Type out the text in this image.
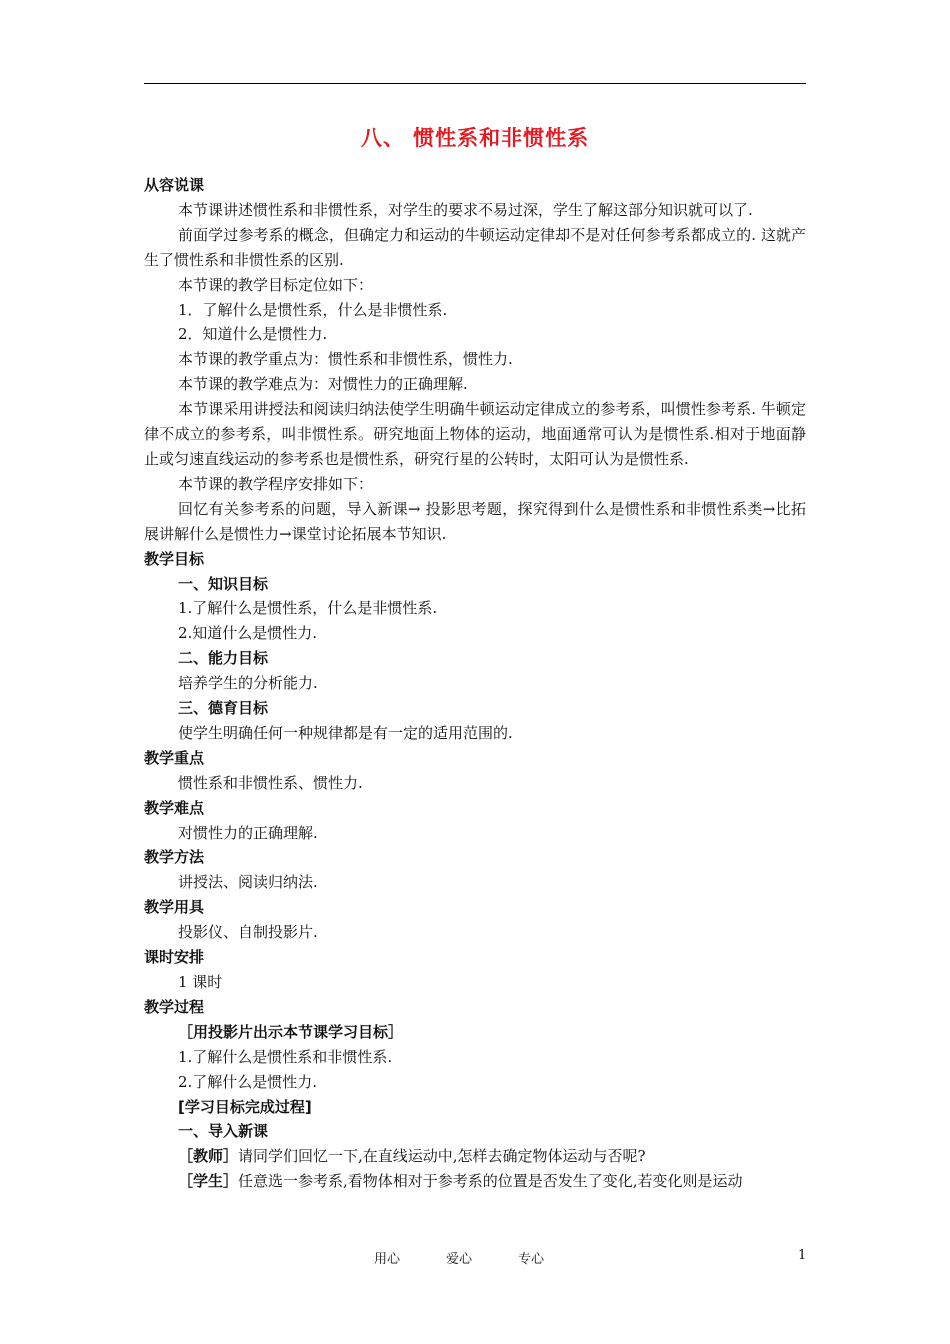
八、 惯性系和非惯性系

从容说课

本节课讲述惯性系和非惯性系，对学生的要求不易过深，学生了解这部分知识就可以了.

前面学过参考系的概念，但确定力和运动的牛顿运动定律却不是对任何参考系都成立的. 这就产生了惯性系和非惯性系的区别.

本节课的教学目标定位如下：

1．了解什么是惯性系，什么是非惯性系.

2．知道什么是惯性力.

本节课的教学重点为：惯性系和非惯性系，惯性力.

本节课的教学难点为：对惯性力的正确理解.

本节课采用讲授法和阅读归纳法使学生明确牛顿运动定律成立的参考系，叫惯性参考系. 牛顿定律不成立的参考系，叫非惯性系。研究地面上物体的运动，地面通常可认为是惯性系.相对于地面静止或匀速直线运动的参考系也是惯性系，研究行星的公转时，太阳可认为是惯性系.

本节课的教学程序安排如下：

回忆有关参考系的问题，导入新课→ 投影思考题，探究得到什么是惯性系和非惯性系类→比拓展讲解什么是惯性力→课堂讨论拓展本节知识.

教学目标

一、知识目标

1.了解什么是惯性系，什么是非惯性系.

2.知道什么是惯性力.

二、能力目标

培养学生的分析能力.

三、德育目标

使学生明确任何一种规律都是有一定的适用范围的.

教学重点

惯性系和非惯性系、惯性力.

教学难点

对惯性力的正确理解.

教学方法

讲授法、阅读归纳法.

教学用具

投影仪、自制投影片.

课时安排

1 课时

教学过程

［用投影片出示本节课学习目标］

1.了解什么是惯性系和非惯性系.

2.了解什么是惯性力.

[学习目标完成过程]

一、导入新课

［教师］请同学们回忆一下,在直线运动中,怎样去确定物体运动与否呢?

［学生］任意选一参考系,看物体相对于参考系的位置是否发生了变化,若变化则是运动

用心	爱心	专心	1
